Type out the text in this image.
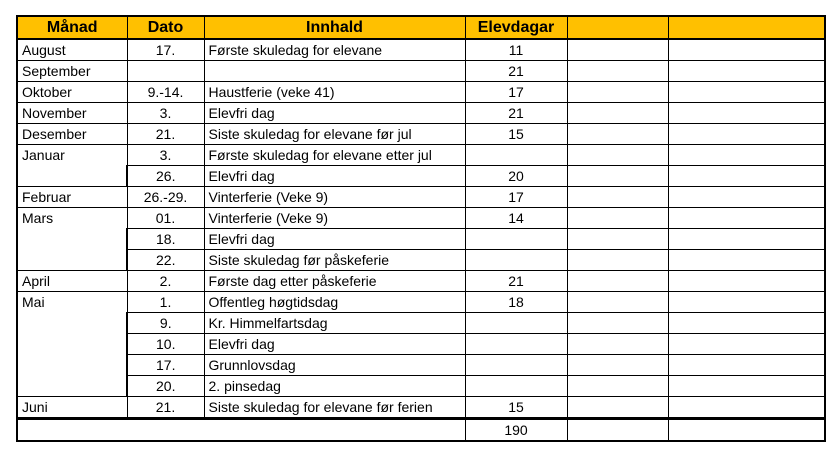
Månad	Dato	Innhald	Elevdagar		
August	17.	Første skuledag for elevane	11		
September			21		
Oktober	9.-14.	Haustferie (veke 41)	17		
November	3.	Elevfri dag	21		
Desember	21.	Siste skuledag for elevane før jul	15		
Januar	3.	Første skuledag for elevane etter jul			
	26.	Elevfri dag	20		
Februar	26.-29.	Vinterferie (Veke 9)	17		
Mars	01.	Vinterferie (Veke 9)	14		
	18.	Elevfri dag			
	22.	Siste skuledag før påskeferie			
April	2.	Første dag etter påskeferie	21		
Mai	1.	Offentleg høgtidsdag	18		
	9.	Kr. Himmelfartsdag			
	10.	Elevfri dag			
	17.	Grunnlovsdag			
	20.	2. pinsedag			
Juni	21.	Siste skuledag for elevane før ferien	15		
			190		
